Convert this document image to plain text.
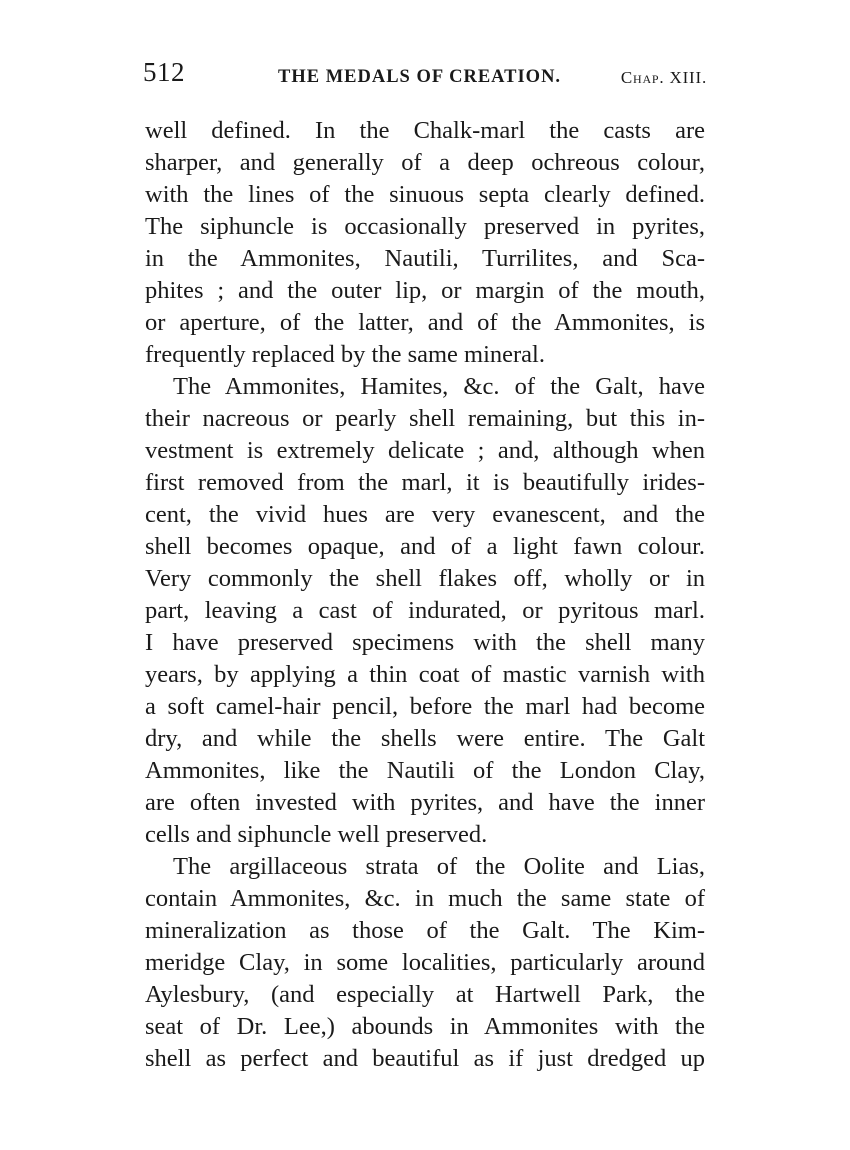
512	THE MEDALS OF CREATION.	Chap. XIII.
well defined. In the Chalk-marl the casts are
sharper, and generally of a deep ochreous colour,
with the lines of the sinuous septa clearly defined.
The siphuncle is occasionally preserved in pyrites,
in the Ammonites, Nautili, Turrilites, and Sca-
phites ; and the outer lip, or margin of the mouth,
or aperture, of the latter, and of the Ammonites, is
frequently replaced by the same mineral.
The Ammonites, Hamites, &c. of the Galt, have
their nacreous or pearly shell remaining, but this in-
vestment is extremely delicate ; and, although when
first removed from the marl, it is beautifully irides-
cent, the vivid hues are very evanescent, and the
shell becomes opaque, and of a light fawn colour.
Very commonly the shell flakes off, wholly or in
part, leaving a cast of indurated, or pyritous marl.
I have preserved specimens with the shell many
years, by applying a thin coat of mastic varnish with
a soft camel-hair pencil, before the marl had become
dry, and while the shells were entire. The Galt
Ammonites, like the Nautili of the London Clay,
are often invested with pyrites, and have the inner
cells and siphuncle well preserved.
The argillaceous strata of the Oolite and Lias,
contain Ammonites, &c. in much the same state of
mineralization as those of the Galt. The Kim-
meridge Clay, in some localities, particularly around
Aylesbury, (and especially at Hartwell Park, the
seat of Dr. Lee,) abounds in Ammonites with the
shell as perfect and beautiful as if just dredged up
